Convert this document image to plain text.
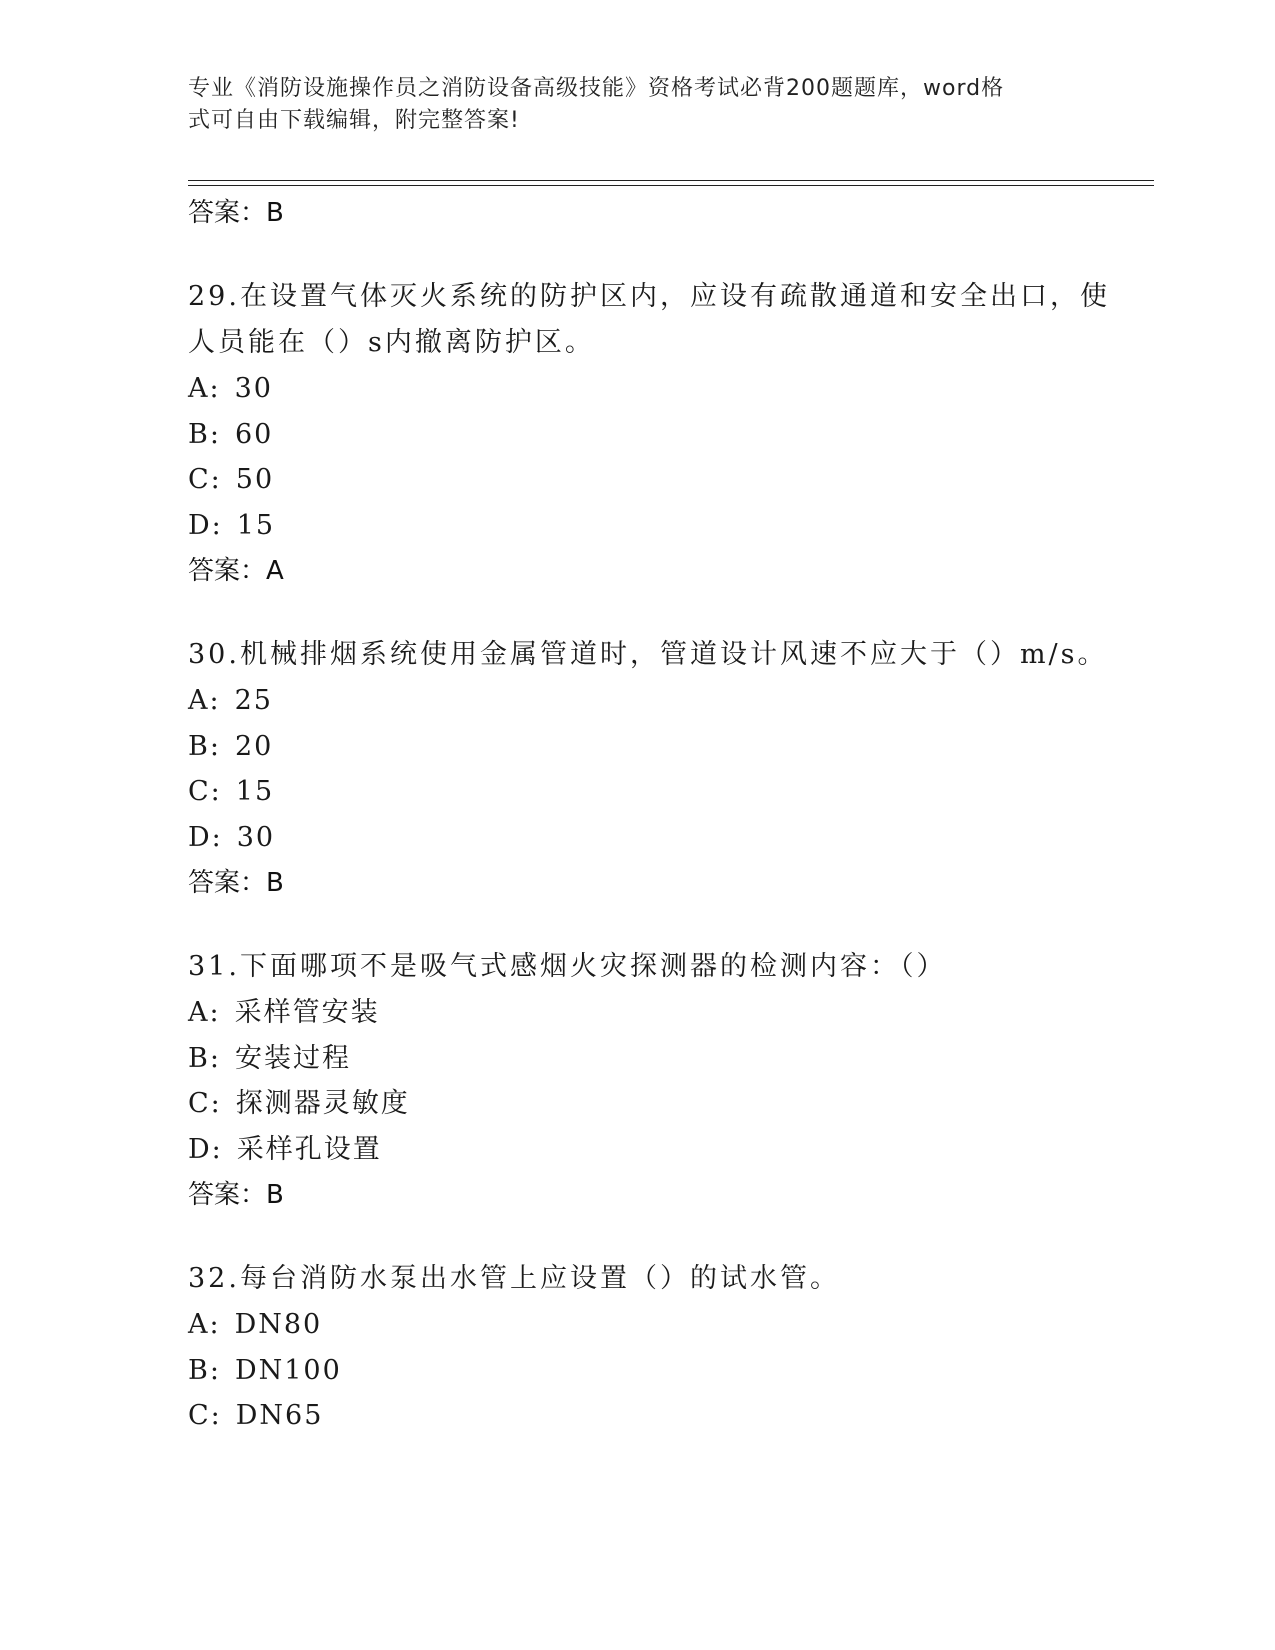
专业《消防设施操作员之消防设备高级技能》资格考试必背200题题库，word格
式可自由下载编辑，附完整答案!
答案：B
29.在设置气体灭火系统的防护区内，应设有疏散通道和安全出口，使
人员能在（）s内撤离防护区。
A: 30
B: 60
C: 50
D: 15
答案：A
30.机械排烟系统使用金属管道时，管道设计风速不应大于（）m/s。
A: 25
B: 20
C: 15
D: 30
答案：B
31.下面哪项不是吸气式感烟火灾探测器的检测内容：（）
A: 采样管安装
B: 安装过程
C: 探测器灵敏度
D: 采样孔设置
答案：B
32.每台消防水泵出水管上应设置（）的试水管。
A: DN80
B: DN100
C: DN65
